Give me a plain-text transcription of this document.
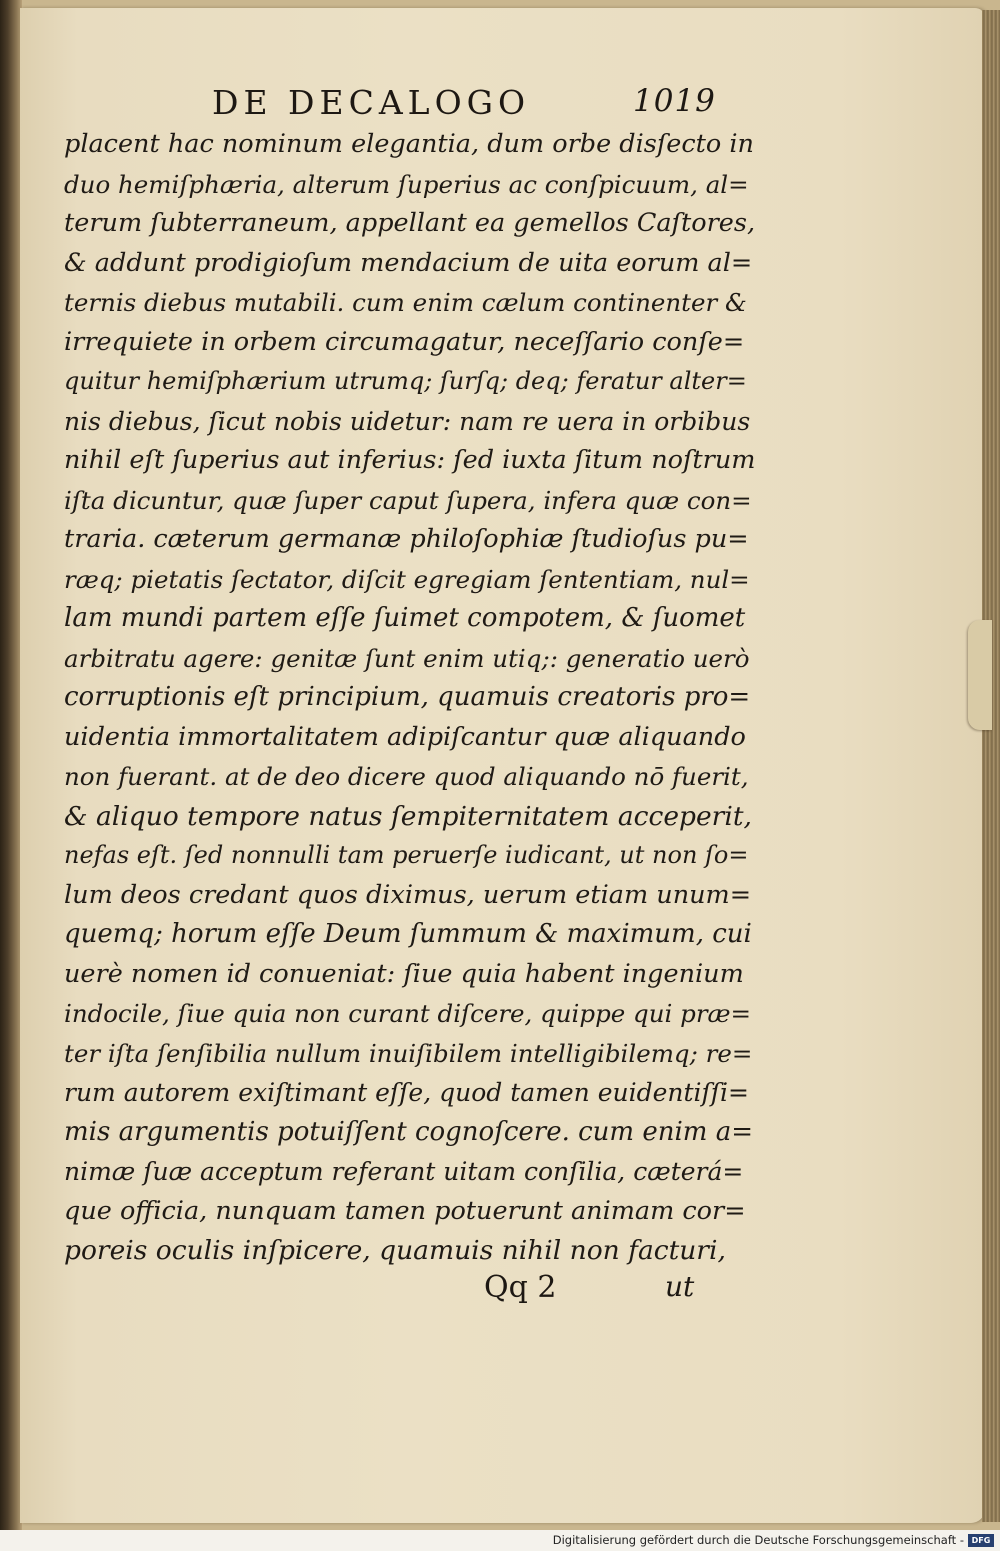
DE DECALOGO	1019
placent hac nominum elegantia, dum orbe disſecto in
duo hemiſphæria, alterum ſuperius ac conſpicuum, al=
terum ſubterraneum, appellant ea gemellos Caſtores,
& addunt prodigioſum mendacium de uita eorum al=
ternis diebus mutabili. cum enim cælum continenter &
irrequiete in orbem circumagatur, neceſſario conſe=
quitur hemiſphærium utrumq; ſurſq; deq; feratur alter=
nis diebus, ſicut nobis uidetur: nam re uera in orbibus
nihil eſt ſuperius aut inferius: ſed iuxta ſitum noſtrum
iſta dicuntur, quæ ſuper caput ſupera, infera quæ con=
traria. cæterum germanæ philoſophiæ ſtudioſus pu=
ræq; pietatis ſectator, diſcit egregiam ſententiam, nul=
lam mundi partem eſſe ſuimet compotem, & ſuomet
arbitratu agere: genitæ ſunt enim utiq;: generatio uerò
corruptionis eſt principium, quamuis creatoris pro=
uidentia immortalitatem adipiſcantur quæ aliquando
non fuerant. at de deo dicere quod aliquando nō fuerit,
& aliquo tempore natus ſempiternitatem acceperit,
nefas eſt. ſed nonnulli tam peruerſe iudicant, ut non ſo=
lum deos credant quos diximus, uerum etiam unum=
quemq; horum eſſe Deum ſummum & maximum, cui
uerè nomen id conueniat: ſiue quia habent ingenium
indocile, ſiue quia non curant diſcere, quippe qui præ=
ter iſta ſenſibilia nullum inuiſibilem intelligibilemq; re=
rum autorem exiſtimant eſſe, quod tamen euidentiſſi=
mis argumentis potuiſſent cognoſcere. cum enim a=
nimæ ſuæ acceptum referant uitam conſilia, cæterá=
que officia, nunquam tamen potuerunt animam cor=
poreis oculis inſpicere, quamuis nihil non facturi,
Qq 2	ut
Digitalisierung gefördert durch die Deutsche Forschungsgemeinschaft - DFG
